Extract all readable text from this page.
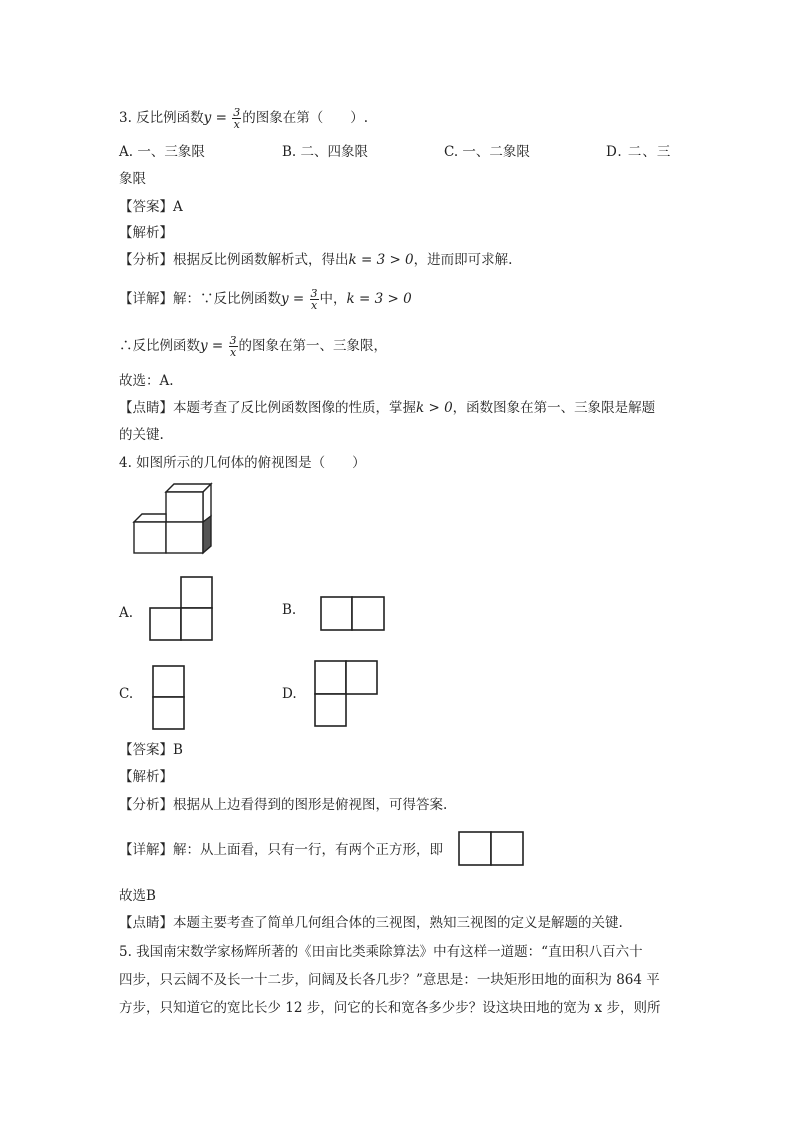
3. 反比例函数$y = \frac{3}{x}$ 的图象在第（　　）.
A. 一、三象限	B. 二、四象限	C. 一、二象限	D. 二、三
象限
【答案】A
【解析】
【分析】根据反比例函数解析式，得出k = 3 > 0，进而即可求解.
【详解】解：∵反比例函数$y = \frac{3}{x}$ 中，k = 3 > 0
∴反比例函数$y = \frac{3}{x}$ 的图象在第一、三象限，
故选：A.
【点睛】本题考查了反比例函数图像的性质，掌握k > 0，函数图象在第一、三象限是解题
的关键.
4. 如图所示的几何体的俯视图是（　　）
A.	B.
C.	D.
【答案】B
【解析】
【分析】根据从上边看得到的图形是俯视图，可得答案.
【详解】解：从上面看，只有一行，有两个正方形，即
故选B
【点睛】本题主要考查了简单几何组合体的三视图，熟知三视图的定义是解题的关键.
5. 我国南宋数学家杨辉所著的《田亩比类乘除算法》中有这样一道题：“直田积八百六十
四步，只云阔不及长一十二步，问阔及长各几步？”意思是：一块矩形田地的面积为 864 平
方步，只知道它的宽比长少 12 步，问它的长和宽各多少步？设这块田地的宽为 x 步，则所
